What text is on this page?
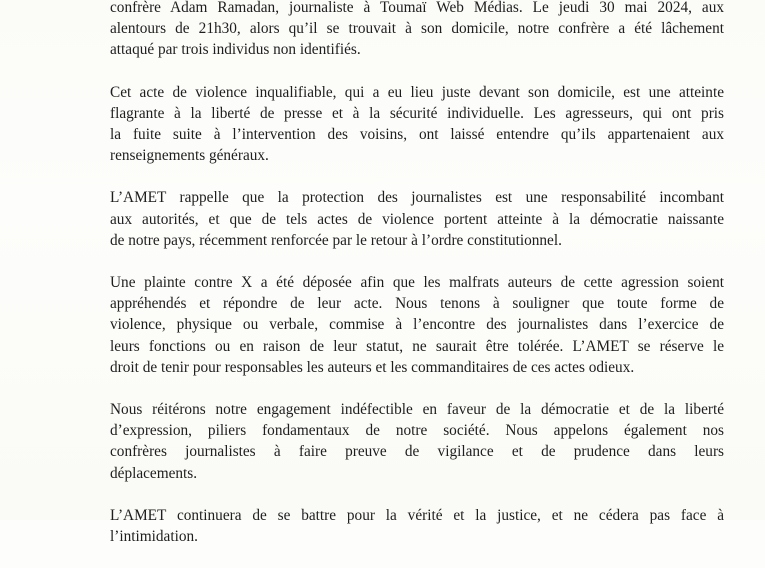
confrère Adam Ramadan, journaliste à Toumaï Web Médias. Le jeudi 30 mai 2024, aux
alentours de 21h30, alors qu’il se trouvait à son domicile, notre confrère a été lâchement
attaqué par trois individus non identifiés.

Cet acte de violence inqualifiable, qui a eu lieu juste devant son domicile, est une atteinte
flagrante à la liberté de presse et à la sécurité individuelle. Les agresseurs, qui ont pris
la fuite suite à l’intervention des voisins, ont laissé entendre qu’ils appartenaient aux
renseignements généraux.

L’AMET rappelle que la protection des journalistes est une responsabilité incombant
aux autorités, et que de tels actes de violence portent atteinte à la démocratie naissante
de notre pays, récemment renforcée par le retour à l’ordre constitutionnel.

Une plainte contre X a été déposée afin que les malfrats auteurs de cette agression soient
appréhendés et répondre de leur acte. Nous tenons à souligner que toute forme de
violence, physique ou verbale, commise à l’encontre des journalistes dans l’exercice de
leurs fonctions ou en raison de leur statut, ne saurait être tolérée. L’AMET se réserve le
droit de tenir pour responsables les auteurs et les commanditaires de ces actes odieux.

Nous réitérons notre engagement indéfectible en faveur de la démocratie et de la liberté
d’expression, piliers fondamentaux de notre société. Nous appelons également nos
confrères journalistes à faire preuve de vigilance et de prudence dans leurs
déplacements.

L’AMET continuera de se battre pour la vérité et la justice, et ne cédera pas face à
l’intimidation.
